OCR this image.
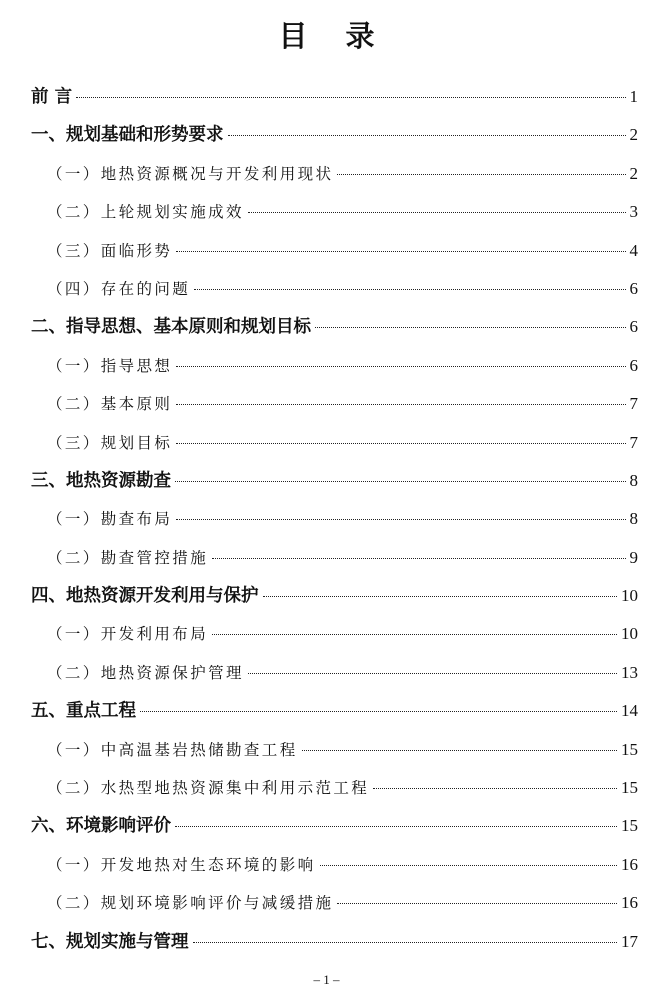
目 录
前 言	1
一、规划基础和形势要求	2
（一）地热资源概况与开发利用现状	2
（二）上轮规划实施成效	3
（三）面临形势	4
（四）存在的问题	6
二、指导思想、基本原则和规划目标	6
（一）指导思想	6
（二）基本原则	7
（三）规划目标	7
三、地热资源勘查	8
（一）勘查布局	8
（二）勘查管控措施	9
四、地热资源开发利用与保护	10
（一）开发利用布局	10
（二）地热资源保护管理	13
五、重点工程	14
（一）中高温基岩热储勘查工程	15
（二）水热型地热资源集中利用示范工程	15
六、环境影响评价	15
（一）开发地热对生态环境的影响	16
（二）规划环境影响评价与减缓措施	16
七、规划实施与管理	17
– 1 –
